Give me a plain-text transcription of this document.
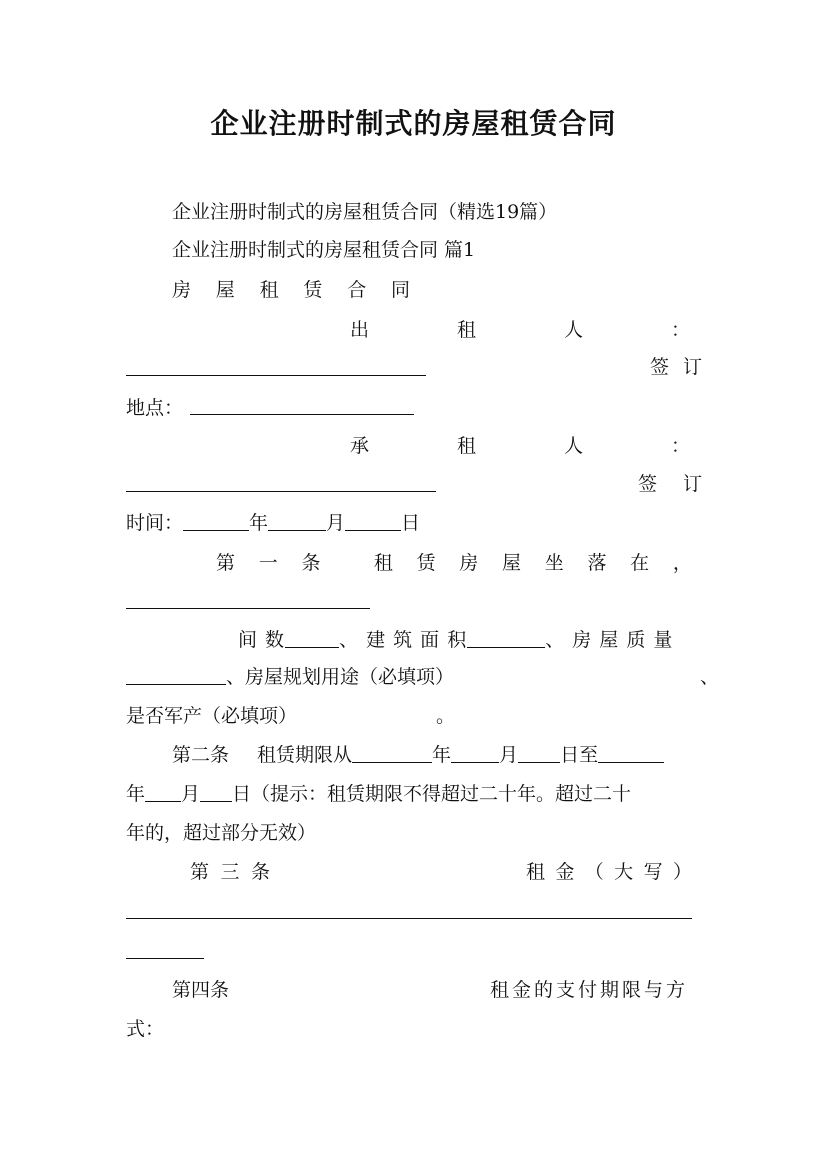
企业注册时制式的房屋租赁合同
企业注册时制式的房屋租赁合同（精选19篇）
企业注册时制式的房屋租赁合同 篇1
房 屋 租 赁 合 同
出	租	人	：
签 订
地点：
承	租	人	：
签 订
时间：	年	月	日
第 一 条	租 赁 房 屋 坐 落 在 ，
间 数	、 建 筑 面 积	、 房 屋 质 量
、房屋规划用途（必填项）	、
是否军产（必填项）	。
第二条 租赁期限从	年	月 日至
年 月 日（提示：租赁期限不得超过二十年。超过二十
年的，超过部分无效）
第 三 条	租 金 （ 大 写 ）
第四条	租金的支付期限与方
式：
